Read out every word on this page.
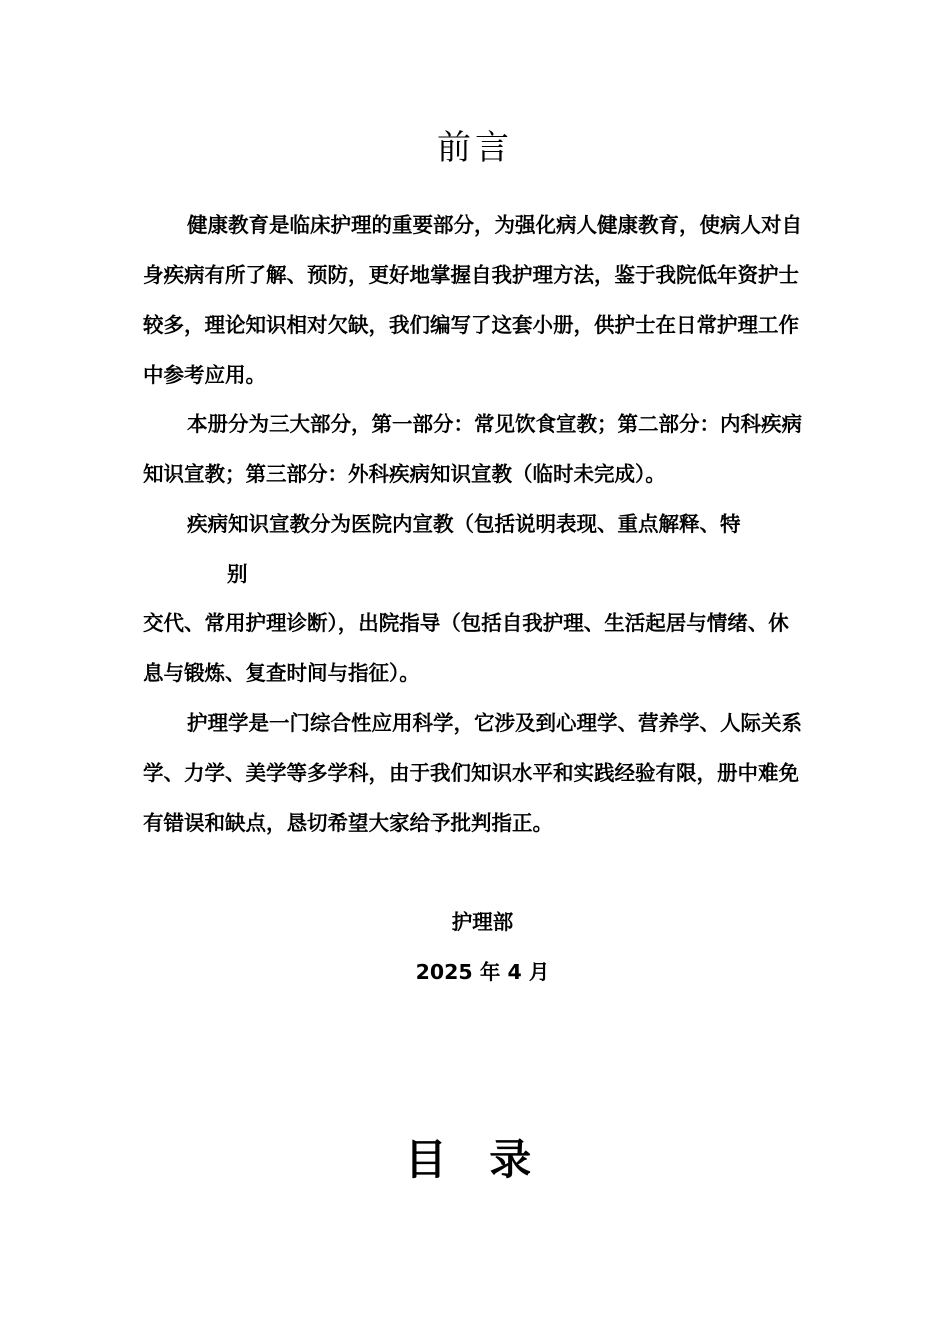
前言

健康教育是临床护理的重要部分，为强化病人健康教育，使病人对自身疾病有所了解、预防，更好地掌握自我护理方法，鉴于我院低年资护士较多，理论知识相对欠缺，我们编写了这套小册，供护士在日常护理工作中参考应用。

本册分为三大部分，第一部分：常见饮食宣教；第二部分：内科疾病知识宣教；第三部分：外科疾病知识宣教（临时未完成）。

疾病知识宣教分为医院内宣教（包括说明表现、重点解释、特
别

交代、常用护理诊断），出院指导（包括自我护理、生活起居与情绪、休息与锻炼、复查时间与指征）。

护理学是一门综合性应用科学，它涉及到心理学、营养学、人际关系学、力学、美学等多学科，由于我们知识水平和实践经验有限，册中难免有错误和缺点，恳切希望大家给予批判指正。

护理部
2025 年 4 月
目 录
